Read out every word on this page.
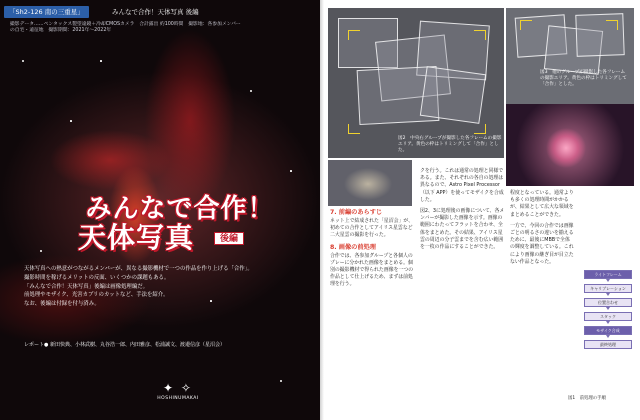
「Sh2-126 南の三重星」	みんなで合作！天体写真 後編
撮影データ……ペンタックス製望遠鏡＋冷却CMOSカメラ　合計露出 約100時間　撮影地：各参加メンバーの自宅・遠征地　撮影期間：2021年〜2022年
みんなで合作！
天体写真	後編

天体写真への熱意がつながるメンバーが、異なる撮影機材で一つの作品を作り上げる「合作」。

撮影時間を稼げるメリットの反面、いくつかの課題もある。

「みんなで合作！天体写真」後編は画像処理編だ。

前処理やモザイク、光害カブリのカットなど、手法を紹介。

なお、後編は付録を付与済み。

レポート● 新田快典、小林武樹、丸谷浩一郎、内田雅彦、松浦誠文、渡邉信彦（星沼会）
✦ ✧
HOSHINUMAKAI
図2　中央右グループが撮影した各フレームの撮影エリア。黄色の枠はトリミングして「合作」とした。
図3　他のグループが撮影した各フレームの撮影エリア。黄色の枠はトリミングして「合作」とした。
7. 前編のあらすじ
ネット上で結成された「星沼会」が、初めての合作としてアイリス星雲など二大星雲の撮影を行った。
8. 画像の前処理
合作では、各参加グループと各個人のプレーに分かれた画像をまとめる。個別の撮影機材で得られた画像を一つの作品として仕上げるため、まずは前処理を行う。
クを行う。これは通常の処理と同様である。また、それぞれの各自の処理は異なるので、Astro Pixel Processor（以下 APP）を使ってモザイクを合成した。
図2、3に処理後の画像について、各メンバーが撮影した画像を示す。画像の範囲にわたってフラットを合わせ、全体をまとめた。その結果、アイリス星雲の周辺の分子雲までを含む広い範囲を一枚の作品にすることができた。
程度となっている。通常よりも多くの処理時間がかかるが、結果として広大な領域をまとめることができた。
一方で、今回の合作では画像ごとの明るさの違いを揃えるために、最後にMBBで全体の輝度を調整している。これにより画像の継ぎ目が目立たない作品となった。
ライトフレーム
キャリブレーション
位置合わせ
スタック
モザイク合成
最終処理
図1　前処理の手順
